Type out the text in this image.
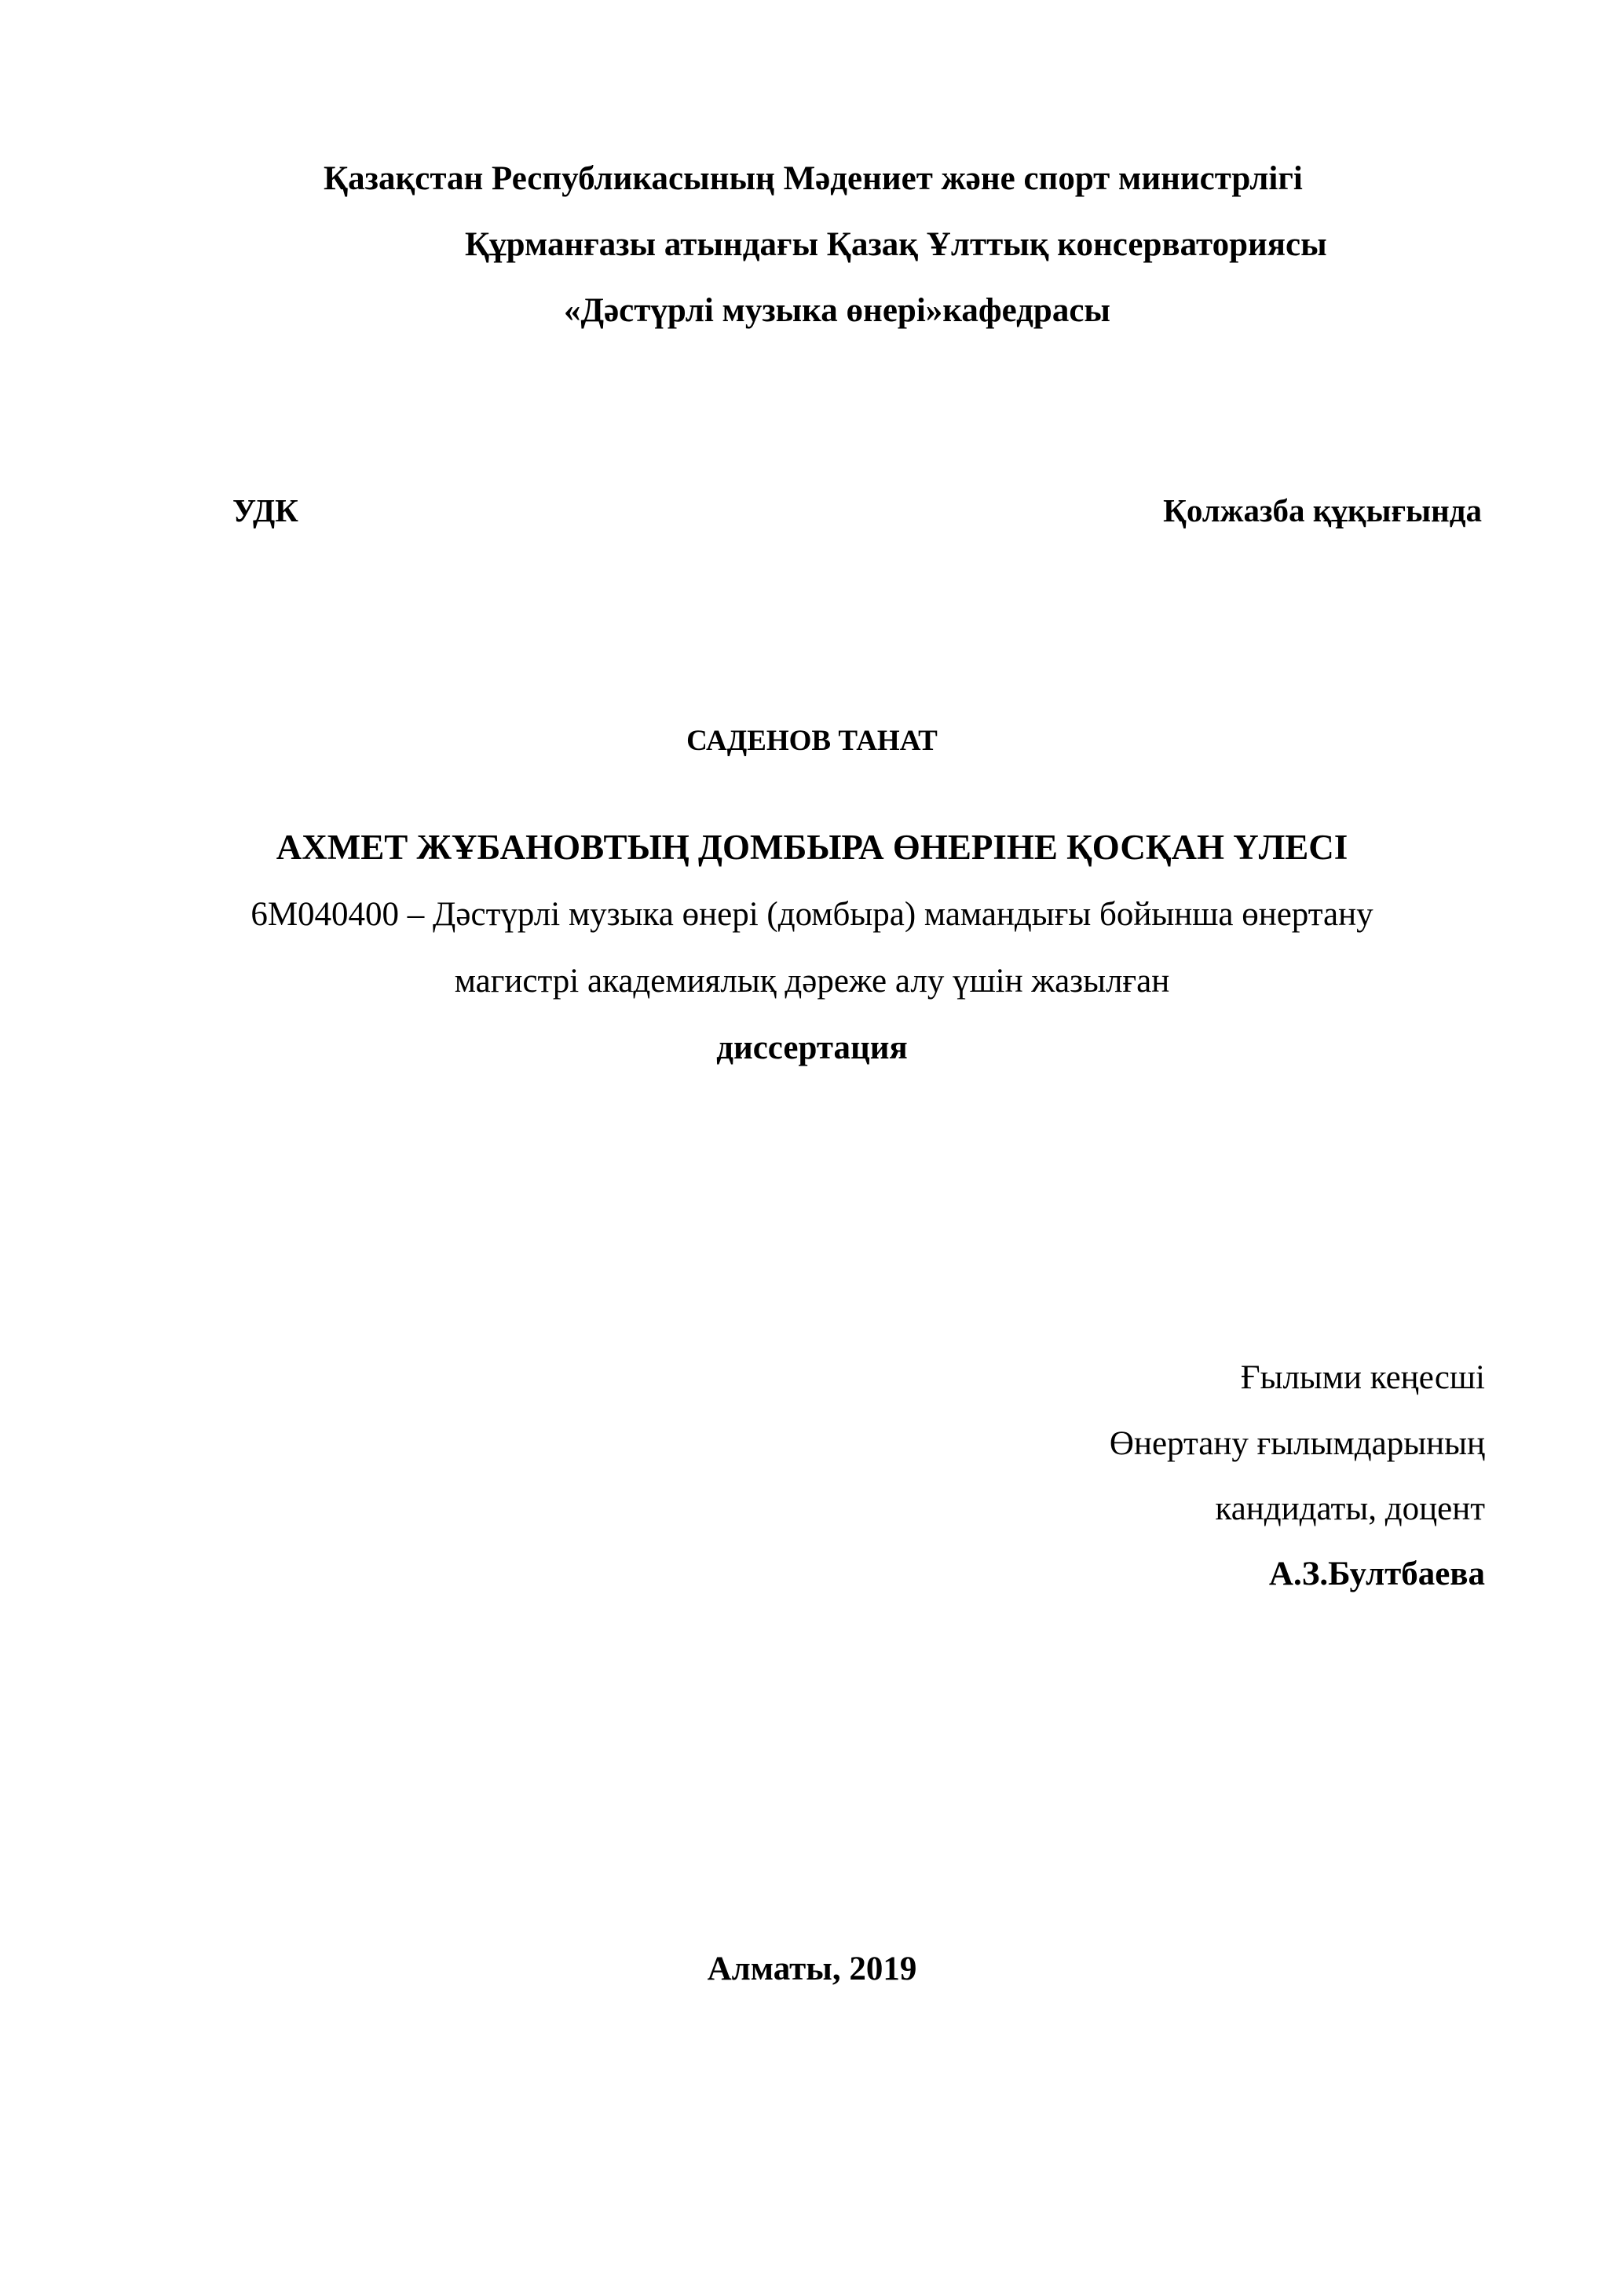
Қазақстан Республикасының Мәдениет және спорт министрлігі
Құрманғазы атындағы Қазақ Ұлттық консерваториясы
«Дәстүрлі музыка өнері»кафедрасы
УДК	Қолжазба құқығында
САДЕНОВ ТАНАТ
АХМЕТ ЖҰБАНОВТЫҢ ДОМБЫРА ӨНЕРІНЕ ҚОСҚАН ҮЛЕСІ
6М040400 – Дәстүрлі музыка өнері (домбыра) мамандығы бойынша өнертану
магистрі академиялық дәреже алу үшін жазылған
диссертация
Ғылыми кеңесші
Өнертану ғылымдарының
кандидаты, доцент
А.З.Бултбаева
Алматы, 2019
